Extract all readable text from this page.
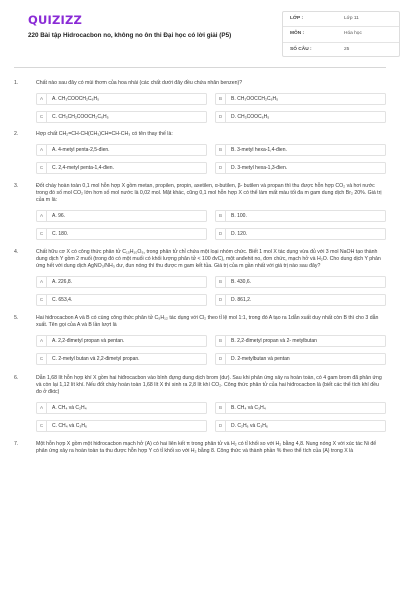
QUIZIZZ
220 Bài tập Hidrocacbon no, không no ôn thi Đại học có lời giải (P5)
LỚP :	Lớp 11
MÔN :	Hóa học
SỐ CÂU :	25
1.	Chất nào sau đây có mùi thơm của hoa nhài (các chất dưới đây đều chứa nhân benzen)?
A	A. CH₃COOCH₂C₆H₅	B	B. CH₃OOCCH₂C₆H₅
C	C. CH₃CH₂COOCH₂C₆H₅	D	D. CH₃COOC₆H₅
2.	Hợp chất CH₂=CH-CH(CH₃)CH=CH-CH₃ có tên thay thế là:
A	A. 4-metyl penta-2,5-đien.	B	B. 3-metyl hexa-1,4-đien.
C	C. 2,4-metyl penta-1,4-đien.	D	D. 3-metyl hexa-1,3-đien.
3.	Đốt cháy hoàn toàn 0,1 mol hỗn hợp X gồm metan, propilen, propin, axetilen, α-butilen, β- butilen và propan thì thu được hỗn hợp CO₂ và hơi nước trong đó số mol CO₂ lớn hơn số mol nước là 0,02 mol. Mặt khác, cũng 0,1 mol hỗn hợp X có thể làm mất màu tối đa m gam dung dịch Br₂ 20%. Giá trị của m là:
A	A. 96.	B	B. 100.
C	C. 180.	D	D. 120.
4.	Chất hữu cơ X có công thức phân tử C₁₅H₁₀O₆, trong phân tử chỉ chứa một loại nhóm chức. Biết 1 mol X tác dụng vừa đủ với 3 mol NaOH tạo thành dung dịch Y gồm 2 muối (trong đó có một muối có khối lượng phân tử < 100 đvC), một anđehit no, đơn chức, mạch hở và H₂O. Cho dung dịch Y phản ứng hết với dung dịch AgNO₃/NH₃ dư, đun nóng thì thu được m gam kết tủa. Giá trị của m gần nhất với giá trị nào sau đây?
A	A. 226,8.	B	B. 430,6.
C	C. 653,4.	D	D. 861,2.
5.	Hai hiđrocacbon A và B có cùng công thức phân tử C₅H₁₂ tác dụng với Cl₂ theo tỉ lệ mol 1:1, trong đó A tạo ra 1dẫn xuất duy nhất còn B thì cho 3 dẫn xuất. Tên gọi của A và B lần lượt là
A	A. 2,2-đimetyl propan và pentan.	B	B. 2,2-đimetyl propan và 2- metylbutan
C	C. 2-metyl butan và 2,2-đimetyl propan.	D	D. 2-metylbutan và pentan
6.	Dẫn 1,68 lít hỗn hợp khí X gồm hai hiđrocacbon vào bình đựng dung dịch brom (dư). Sau khi phản ứng xảy ra hoàn toàn, có 4 gam brom đã phản ứng và còn lại 1,12 lít khí. Nếu đốt cháy hoàn toàn 1,68 lít X thì sinh ra 2,8 lít khí CO₂. Công thức phân tử của hai hiđrocacbon là (biết các thể tích khí đều đo ở đktc)
A	A. CH₄ và C₂H₄	B	B. CH₄ và C₃H₄
C	C. CH₄ và C₃H₆	D	D. C₂H₆ và C₃H₆
7.	Một hỗn hợp X gồm một hiđrocacbon mạch hở (A) có hai liên kết π trong phân tử và H₂ có tỉ khối so với H₂ bằng 4,8. Nung nóng X với xúc tác Ni để phản ứng xảy ra hoàn toàn ta thu được hỗn hợp Y có tỉ khối so với H₂ bằng 8. Công thức và thành phần % theo thể tích của (A) trong X là
